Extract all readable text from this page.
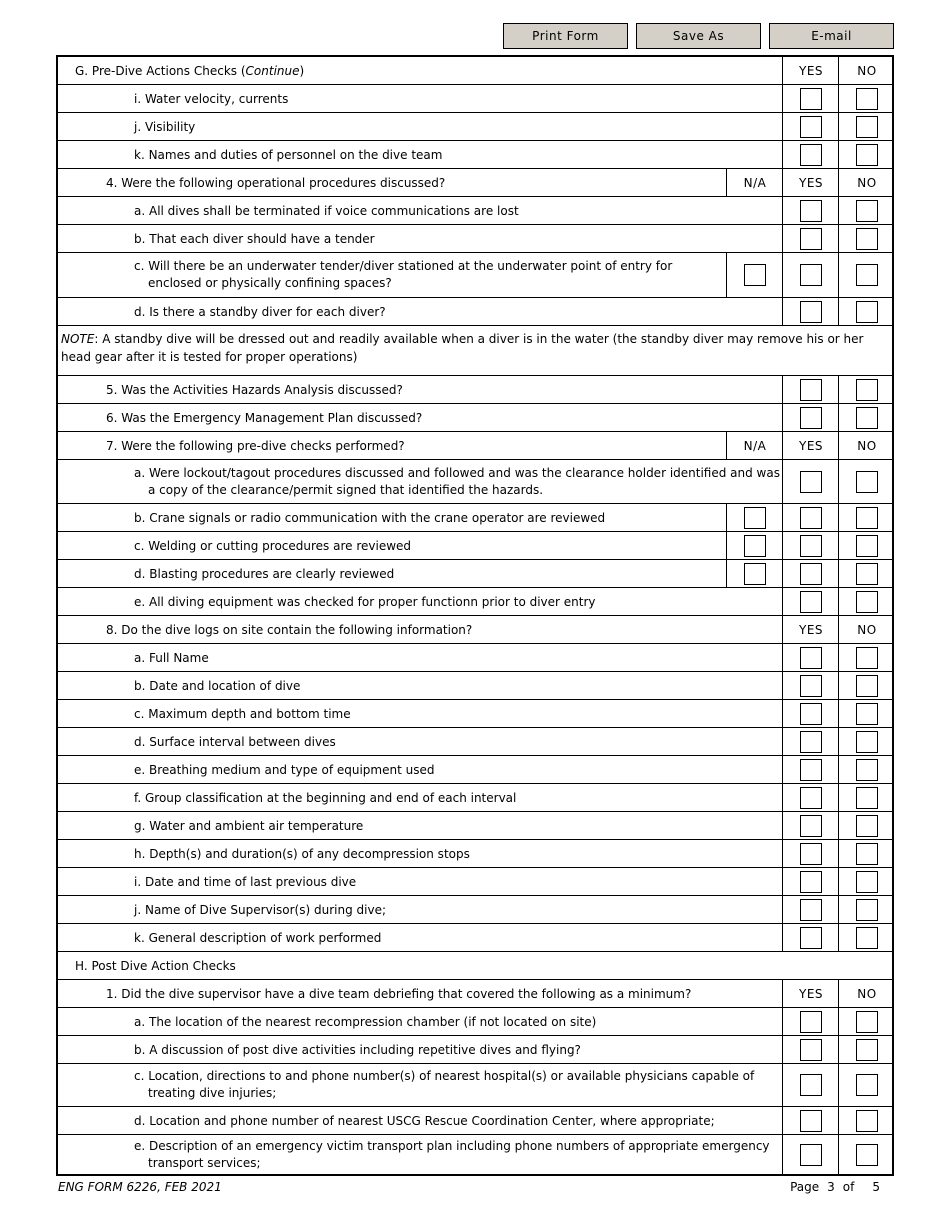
Print Form	Save As	E-mail
G. Pre-Dive Actions Checks ( Continue )	YES	NO
i. Water velocity, currents
j. Visibility
k. Names and duties of personnel on the dive team
4. Were the following operational procedures discussed?	N/A	YES	NO
a. All dives shall be terminated if voice communications are lost
b. That each diver should have a tender
c. Will there be an underwater tender/diver stationed at the underwater point of entry for enclosed or physically confining spaces?
d. Is there a standby diver for each diver?
NOTE: A standby dive will be dressed out and readily available when a diver is in the water (the standby diver may remove his or her head gear after it is tested for proper operations)
5. Was the Activities Hazards Analysis discussed?
6. Was the Emergency Management Plan discussed?
7. Were the following pre-dive checks performed?	N/A	YES	NO
a. Were lockout/tagout procedures discussed and followed and was the clearance holder identified and was a copy of the clearance/permit signed that identified the hazards.
b. Crane signals or radio communication with the crane operator are reviewed
c. Welding or cutting procedures are reviewed
d. Blasting procedures are clearly reviewed
e. All diving equipment was checked for proper functionn prior to diver entry
8. Do the dive logs on site contain the following information?	YES	NO
a. Full Name
b. Date and location of dive
c. Maximum depth and bottom time
d. Surface interval between dives
e. Breathing medium and type of equipment used
f. Group classification at the beginning and end of each interval
g. Water and ambient air temperature
h. Depth(s) and duration(s) of any decompression stops
i. Date and time of last previous dive
j. Name of Dive Supervisor(s) during dive;
k. General description of work performed
H. Post Dive Action Checks
1. Did the dive supervisor have a dive team debriefing that covered the following as a minimum?	YES	NO
a. The location of the nearest recompression chamber (if not located on site)
b. A discussion of post dive activities including repetitive dives and flying?
c. Location, directions to and phone number(s) of nearest hospital(s) or available physicians capable of treating dive injuries;
d. Location and phone number of nearest USCG Rescue Coordination Center, where appropriate;
e. Description of an emergency victim transport plan including phone numbers of appropriate emergency transport services;
ENG FORM 6226, FEB 2021	Page 3 of 5
